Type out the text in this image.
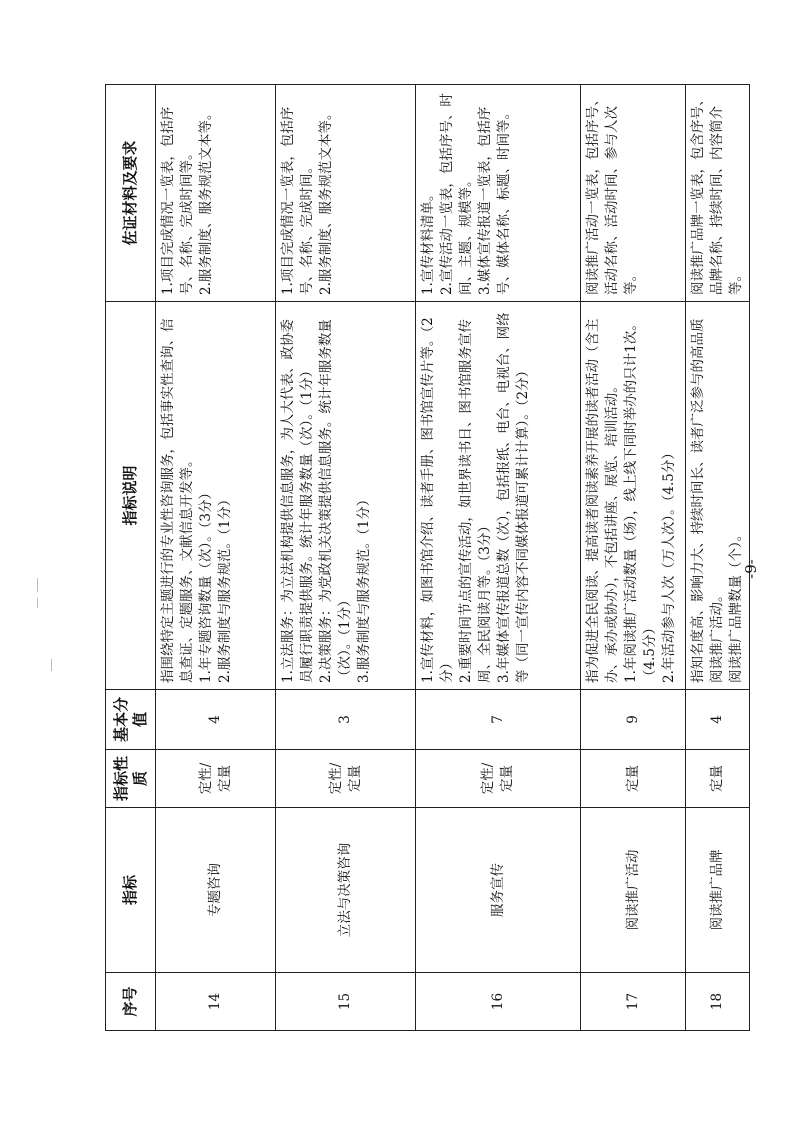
序号	指标	指标性质	基本分值	指标说明	佐证材料及要求
14	专题咨询	定性/定量	4	指围绕特定主题进行的专业性咨询服务，包括事实性查询、信息查证、定题服务、文献信息开发等。 1.年专题咨询数量（次）。（3分） 2.服务制度与服务规范。（1分）	1.项目完成情况一览表，包括序号、名称、完成时间等。 2.服务制度、服务规范文本等。

15	立法与决策咨询	定性/定量	3	1.立法服务：为立法机构提供信息服务，为人大代表、政协委员履行职责提供服务。统计年服务数量（次）。（1分） 2.决策服务：为党政机关决策提供信息服务。统计年服务数量（次）。（1分） 3.服务制度与服务规范。（1分）	1.项目完成情况一览表，包括序号、名称、完成时间。 2.服务制度、服务规范文本等。

16	服务宣传	定性/定量	7	1.宣传材料，如图书馆介绍、读者手册、图书馆宣传片等。（2分） 2.重要时间节点的宣传活动，如世界读书日、图书馆服务宣传周、全民阅读月等。（3分） 3.年媒体宣传报道总数（次），包括报纸、电台、电视台、网络等（同一宣传内容不同媒体报道可累计计算）。（2分）	1.宣传材料清单。 2.宣传活动一览表，包括序号、时间、主题、规模等。 3.媒体宣传报道一览表，包括序号、媒体名称、标题、时间等。

17	阅读推广活动	定量	9	指为促进全民阅读、提高读者阅读素养开展的读者活动（含主办、承办或协办），不包括讲座、展览、培训活动。 1.年阅读推广活动数量（场），线上线下同时举办的只计1次。（4.5分） 2.年活动参与人次（万人次）。（4.5分）	阅读推广活动一览表，包括序号、活动名称、活动时间、参与人次等。

18	阅读推广品牌	定量	4	指知名度高、影响力大、持续时间长、读者广泛参与的高品质阅读推广活动。 阅读推广品牌数量（个）。	阅读推广品牌一览表，包含序号、品牌名称、持续时间、内容简介等。
-9-
